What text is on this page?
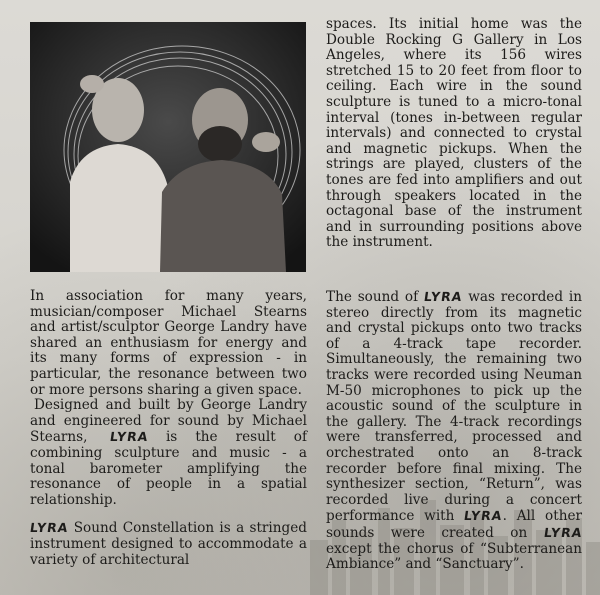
spaces. Its initial home was the Double Rocking G Gallery in Los Angeles, where its 156 wires stretched 15 to 20 feet from floor to ceiling. Each wire in the sound sculpture is tuned to a micro-tonal interval (tones in-between regular intervals) and connected to crystal and magnetic pickups. When the strings are played, clusters of the tones are fed into amplifiers and out through speakers located in the octagonal base of the instrument and in surrounding positions above the instrument.

In association for many years, musician/composer Michael Stearns and artist/sculptor George Landry have shared an enthusiasm for energy and its many forms of expression - in particular, the resonance between two or more persons sharing a given space.

Designed and built by George Landry and engineered for sound by Michael Stearns, LYRA is the result of combining sculpture and music - a tonal barometer amplifying the resonance of people in a spatial relationship.

LYRA Sound Constellation is a stringed instrument designed to accommodate a variety of architectural

The sound of LYRA was recorded in stereo directly from its magnetic and crystal pickups onto two tracks of a 4-track tape recorder. Simultaneously, the remaining two tracks were recorded using Neuman M-50 microphones to pick up the acoustic sound of the sculpture in the gallery. The 4-track recordings were transferred, processed and orchestrated onto an 8-track recorder before final mixing. The synthesizer section, “Return”, was recorded live during a concert performance with LYRA. All other sounds were created on LYRA except the chorus of “Subterranean Ambiance” and “Sanctuary”.
